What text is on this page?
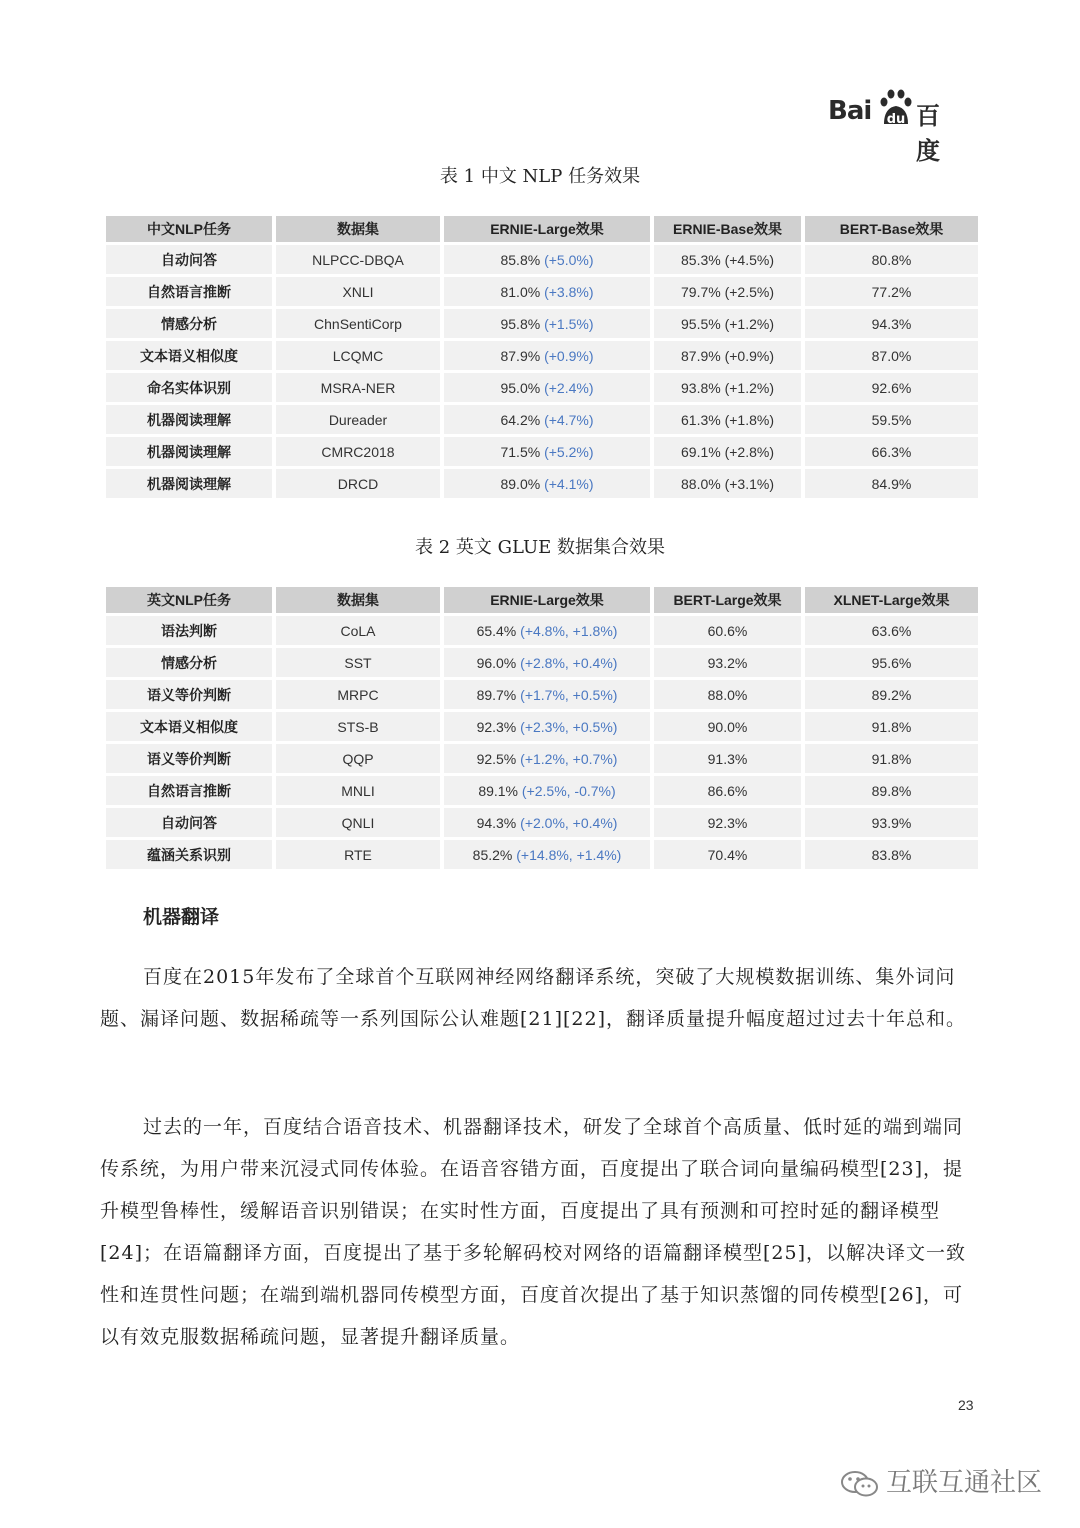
Bai du 百度
表 1 中文 NLP 任务效果
中文NLP任务	数据集	ERNIE-Large效果	ERNIE-Base效果	BERT-Base效果
自动问答	NLPCC-DBQA	85.8% (+5.0%)	85.3% (+4.5%)	80.8%
自然语言推断	XNLI	81.0% (+3.8%)	79.7% (+2.5%)	77.2%
情感分析	ChnSentiCorp	95.8% (+1.5%)	95.5% (+1.2%)	94.3%
文本语义相似度	LCQMC	87.9% (+0.9%)	87.9% (+0.9%)	87.0%
命名实体识别	MSRA-NER	95.0% (+2.4%)	93.8% (+1.2%)	92.6%
机器阅读理解	Dureader	64.2% (+4.7%)	61.3% (+1.8%)	59.5%
机器阅读理解	CMRC2018	71.5% (+5.2%)	69.1% (+2.8%)	66.3%
机器阅读理解	DRCD	89.0% (+4.1%)	88.0% (+3.1%)	84.9%
表 2 英文 GLUE 数据集合效果
英文NLP任务	数据集	ERNIE-Large效果	BERT-Large效果	XLNET-Large效果
语法判断	CoLA	65.4% (+4.8%, +1.8%)	60.6%	63.6%
情感分析	SST	96.0% (+2.8%, +0.4%)	93.2%	95.6%
语义等价判断	MRPC	89.7% (+1.7%, +0.5%)	88.0%	89.2%
文本语义相似度	STS-B	92.3% (+2.3%, +0.5%)	90.0%	91.8%
语义等价判断	QQP	92.5% (+1.2%, +0.7%)	91.3%	91.8%
自然语言推断	MNLI	89.1% (+2.5%, -0.7%)	86.6%	89.8%
自动问答	QNLI	94.3% (+2.0%, +0.4%)	92.3%	93.9%
蕴涵关系识别	RTE	85.2% (+14.8%, +1.4%)	70.4%	83.8%
机器翻译

百度在2015年发布了全球首个互联网神经网络翻译系统，突破了大规模数据训练、集外词问题、漏译问题、数据稀疏等一系列国际公认难题[21][22]，翻译质量提升幅度超过过去十年总和。

过去的一年，百度结合语音技术、机器翻译技术，研发了全球首个高质量、低时延的端到端同传系统，为用户带来沉浸式同传体验。在语音容错方面，百度提出了联合词向量编码模型[23]，提升模型鲁棒性，缓解语音识别错误；在实时性方面，百度提出了具有预测和可控时延的翻译模型[24]；在语篇翻译方面，百度提出了基于多轮解码校对网络的语篇翻译模型[25]，以解决译文一致性和连贯性问题；在端到端机器同传模型方面，百度首次提出了基于知识蒸馏的同传模型[26]，可以有效克服数据稀疏问题，显著提升翻译质量。

23
互联互通社区
